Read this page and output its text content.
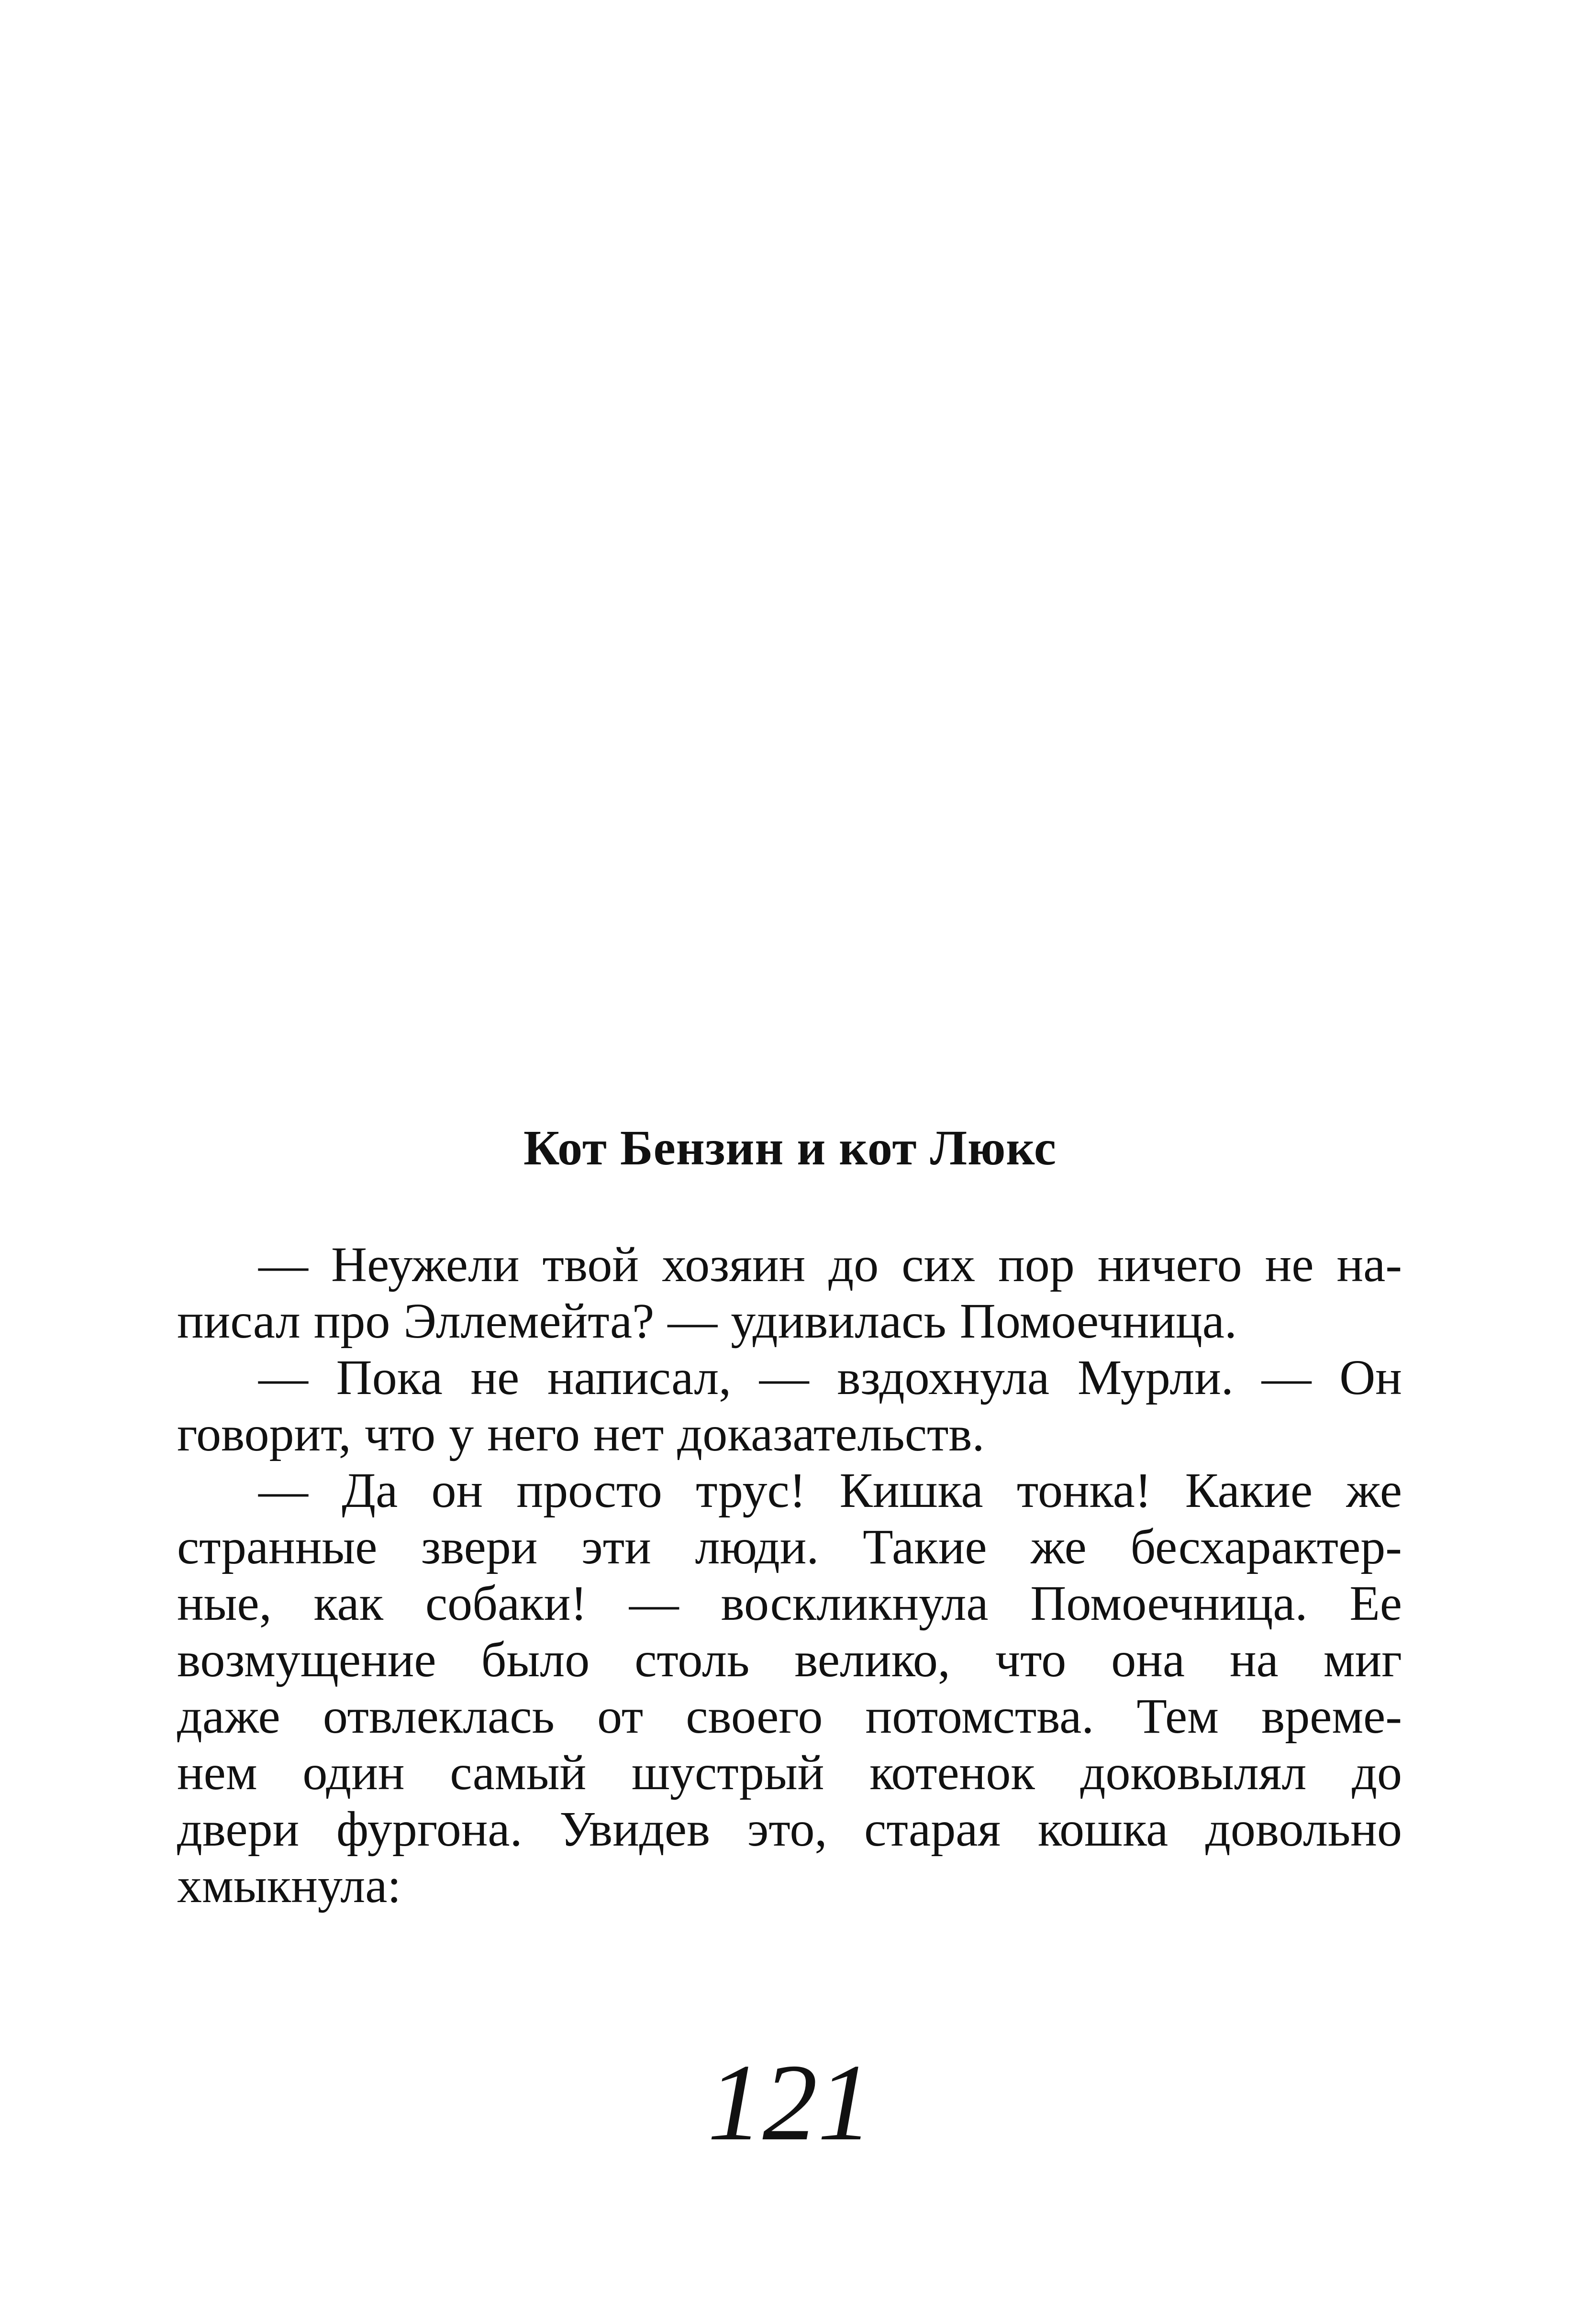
Кот Бензин и кот Люкс
— Неужели твой хозяин до сих пор ничего не на-
писал про Эллемейта? — удивилась Помоечница.
— Пока не написал, — вздохнула Мурли. — Он
говорит, что у него нет доказательств.
— Да он просто трус! Кишка тонка! Какие же
странные звери эти люди. Такие же бесхарактер-
ные, как собаки! — воскликнула Помоечница. Ее
возмущение было столь велико, что она на миг
даже отвлеклась от своего потомства. Тем време-
нем один самый шустрый котенок доковылял до
двери фургона. Увидев это, старая кошка довольно
хмыкнула:
121
